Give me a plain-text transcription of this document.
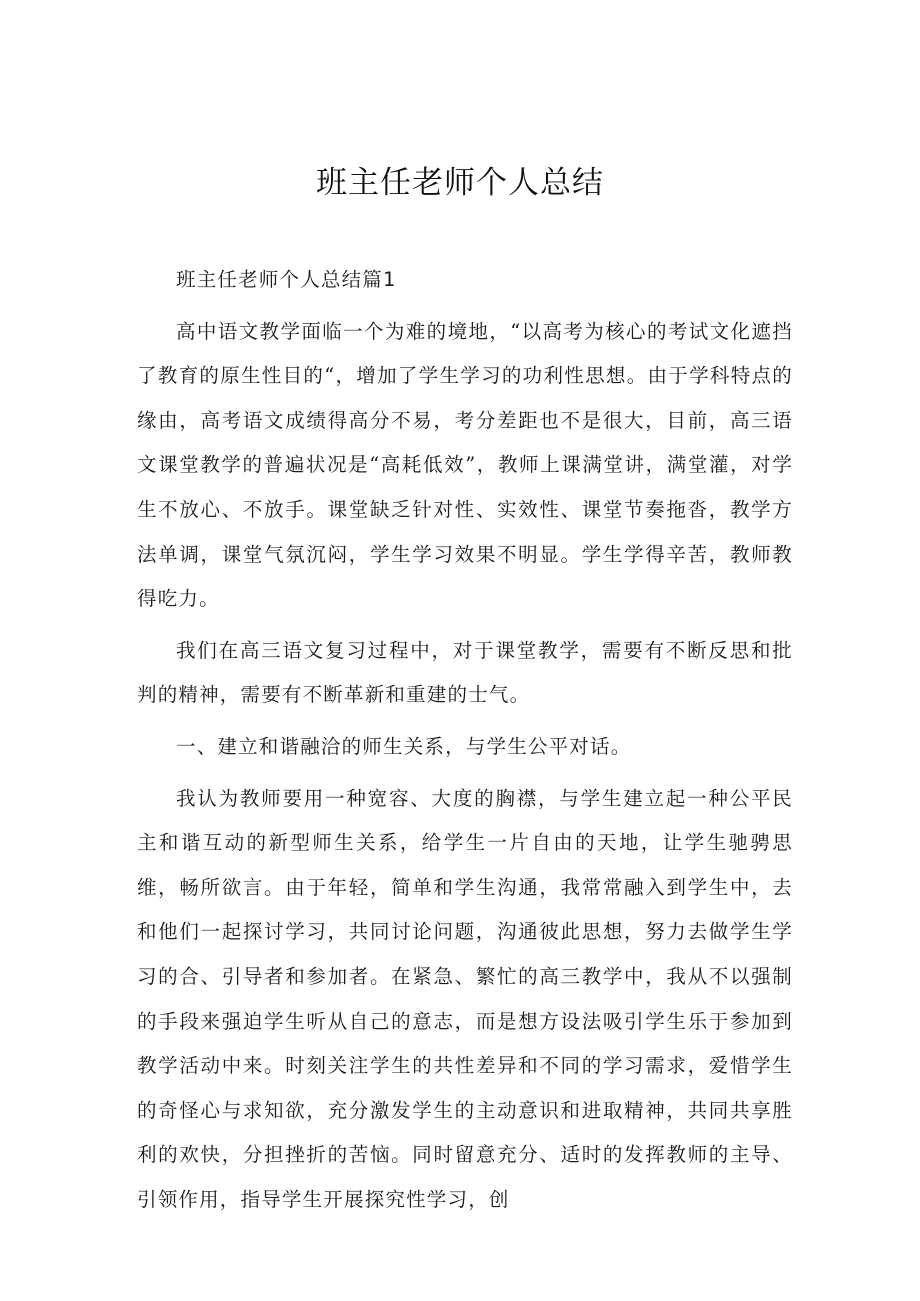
班主任老师个人总结

班主任老师个人总结篇1

高中语文教学面临一个为难的境地，“以高考为核心的考试文化遮挡了教育的原生性目的“，增加了学生学习的功利性思想。由于学科特点的缘由，高考语文成绩得高分不易，考分差距也不是很大，目前，高三语文课堂教学的普遍状况是“高耗低效”，教师上课满堂讲，满堂灌，对学生不放心、不放手。课堂缺乏针对性、实效性、课堂节奏拖沓，教学方法单调，课堂气氛沉闷，学生学习效果不明显。学生学得辛苦，教师教得吃力。

我们在高三语文复习过程中，对于课堂教学，需要有不断反思和批判的精神，需要有不断革新和重建的士气。

一、建立和谐融洽的师生关系，与学生公平对话。

我认为教师要用一种宽容、大度的胸襟，与学生建立起一种公平民主和谐互动的新型师生关系，给学生一片自由的天地，让学生驰骋思维，畅所欲言。由于年轻，简单和学生沟通，我常常融入到学生中，去和他们一起探讨学习，共同讨论问题，沟通彼此思想，努力去做学生学习的合、引导者和参加者。在紧急、繁忙的高三教学中，我从不以强制的手段来强迫学生听从自己的意志，而是想方设法吸引学生乐于参加到教学活动中来。时刻关注学生的共性差异和不同的学习需求，爱惜学生的奇怪心与求知欲，充分激发学生的主动意识和进取精神，共同共享胜利的欢快，分担挫折的苦恼。同时留意充分、适时的发挥教师的主导、引领作用，指导学生开展探究性学习，创
